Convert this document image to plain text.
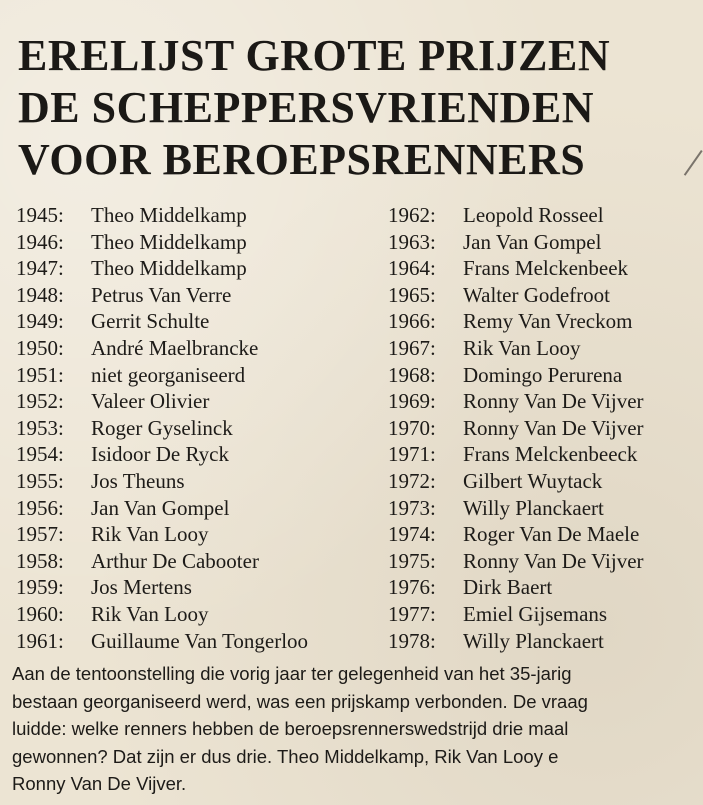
ERELIJST GROTE PRIJZEN
DE SCHEPPERSVRIENDEN
VOOR BEROEPSRENNERS
1945: Theo Middelkamp
1946: Theo Middelkamp
1947: Theo Middelkamp
1948: Petrus Van Verre
1949: Gerrit Schulte
1950: André Maelbrancke
1951: niet georganiseerd
1952: Valeer Olivier
1953: Roger Gyselinck
1954: Isidoor De Ryck
1955: Jos Theuns
1956: Jan Van Gompel
1957: Rik Van Looy
1958: Arthur De Cabooter
1959: Jos Mertens
1960: Rik Van Looy
1961: Guillaume Van Tongerloo
1962: Leopold Rosseel
1963: Jan Van Gompel
1964: Frans Melckenbeek
1965: Walter Godefroot
1966: Remy Van Vreckom
1967: Rik Van Looy
1968: Domingo Perurena
1969: Ronny Van De Vijver
1970: Ronny Van De Vijver
1971: Frans Melckenbeeck
1972: Gilbert Wuytack
1973: Willy Planckaert
1974: Roger Van De Maele
1975: Ronny Van De Vijver
1976: Dirk Baert
1977: Emiel Gijsemans
1978: Willy Planckaert
Aan de tentoonstelling die vorig jaar ter gelegenheid van het 35-jarig
bestaan georganiseerd werd, was een prijskamp verbonden. De vraag
luidde: welke renners hebben de beroepsrennerswedstrijd drie maal
gewonnen? Dat zijn er dus drie. Theo Middelkamp, Rik Van Looy e
Ronny Van De Vijver.
